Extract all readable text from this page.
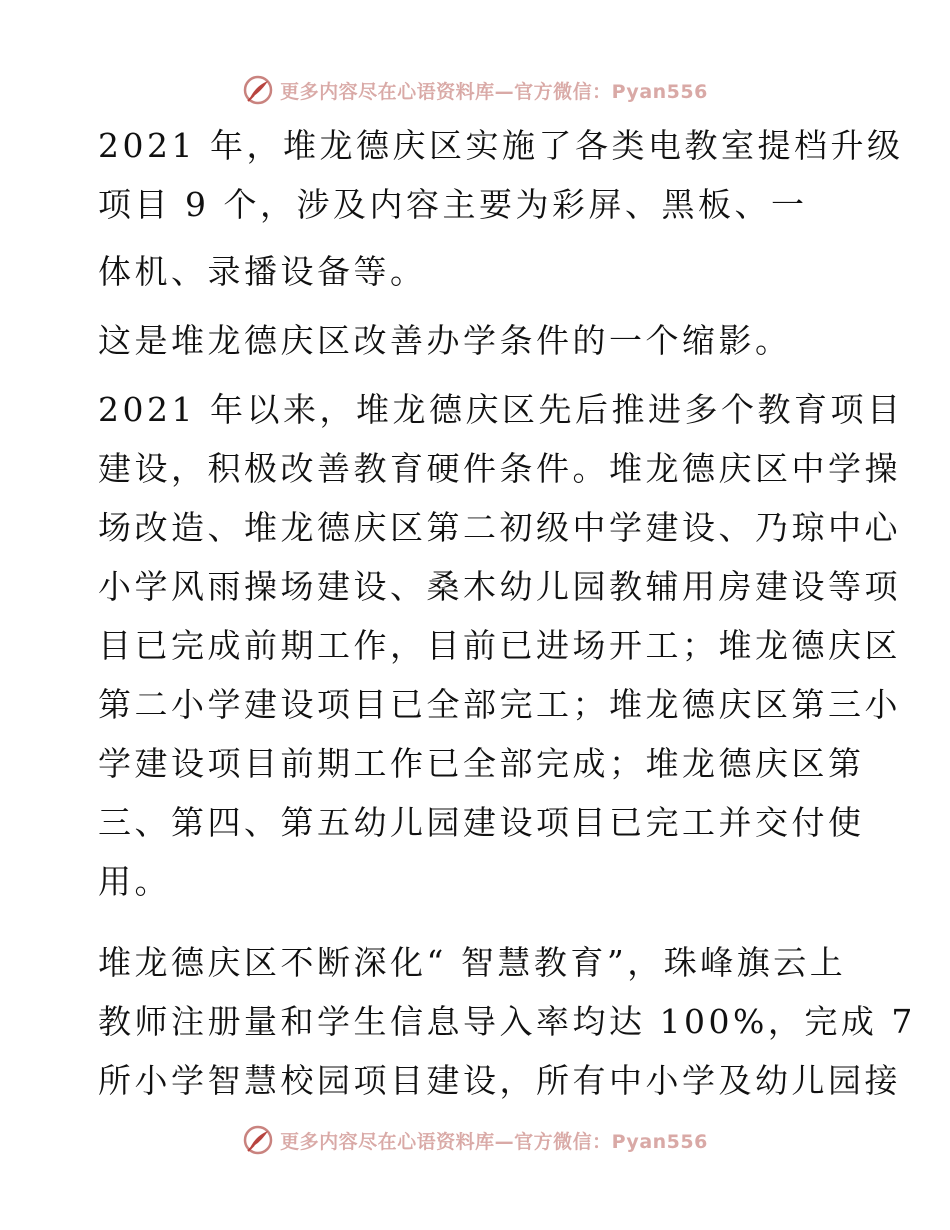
更多内容尽在心语资料库—官方微信：Pyan556

2021 年，堆龙德庆区实施了各类电教室提档升级
项目 9 个，涉及内容主要为彩屏、黑板、一

体机、录播设备等。

这是堆龙德庆区改善办学条件的一个缩影。

2021 年以来，堆龙德庆区先后推进多个教育项目
建设，积极改善教育硬件条件。堆龙德庆区中学操
场改造、堆龙德庆区第二初级中学建设、乃琼中心
小学风雨操场建设、桑木幼儿园教辅用房建设等项
目已完成前期工作，目前已进场开工；堆龙德庆区
第二小学建设项目已全部完工；堆龙德庆区第三小
学建设项目前期工作已全部完成；堆龙德庆区第
三、第四、第五幼儿园建设项目已完工并交付使
用。

堆龙德庆区不断深化“ 智慧教育”，珠峰旗云上
教师注册量和学生信息导入率均达 100%，完成 7
所小学智慧校园项目建设，所有中小学及幼儿园接

更多内容尽在心语资料库—官方微信：Pyan556
